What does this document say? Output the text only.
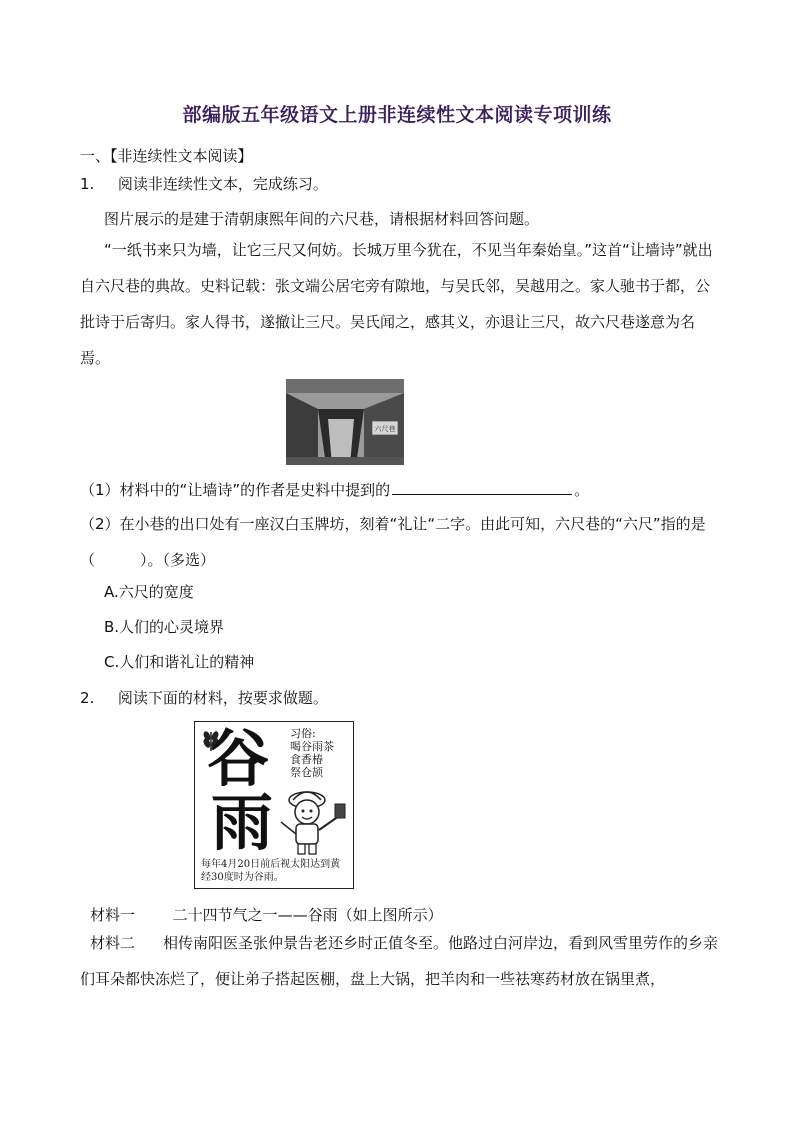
部编版五年级语文上册非连续性文本阅读专项训练
一、【非连续性文本阅读】
1. 阅读非连续性文本，完成练习。
图片展示的是建于清朝康熙年间的六尺巷，请根据材料回答问题。
“一纸书来只为墙，让它三尺又何妨。长城万里今犹在，不见当年秦始皇。”这首“让墙诗”就出自六尺巷的典故。史料记载：张文端公居宅旁有隙地，与吴氏邻，吴越用之。家人驰书于都，公批诗于后寄归。家人得书，遂撤让三尺。吴氏闻之，感其义，亦退让三尺，故六尺巷遂意为名焉。
六尺巷
（1）材料中的“让墙诗”的作者是史料中提到的	。
（2）在小巷的出口处有一座汉白玉牌坊，刻着“礼让“二字。由此可知，六尺巷的“六尺”指的是（　　　）。（多选）
A.六尺的宽度
B.人们的心灵境界
C.人们和谐礼让的精神
2. 阅读下面的材料，按要求做题。
谷
雨
习俗:
喝谷雨茶
食香椿
祭仓颉
每年4月20日前后视太阳达到黄经30度时为谷雨。
材料一	二十四节气之一——谷雨（如上图所示）
材料二 相传南阳医圣张仲景告老还乡时正值冬至。他路过白河岸边，看到风雪里劳作的乡亲们耳朵都快冻烂了，便让弟子搭起医棚，盘上大锅，把羊肉和一些祛寒药材放在锅里煮，
